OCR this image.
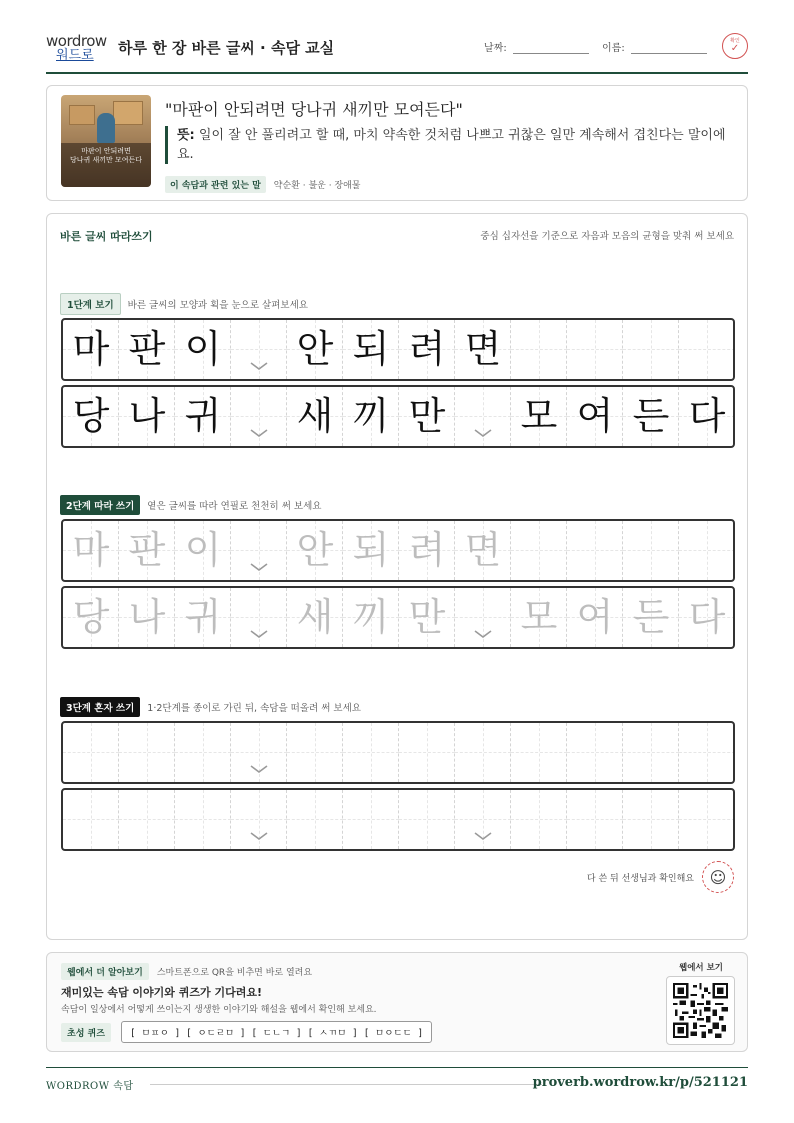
wordrow
워드로	하루 한 장 바른 글씨 · 속담 교실	날짜:	이름:
확인
✓
마판이 안되려면
당나귀 새끼만 모여든다
"마판이 안되려면 당나귀 새끼만 모여든다"
뜻: 일이 잘 안 풀리려고 할 때, 마치 약속한 것처럼 나쁘고 귀찮은 일만 계속해서 겹친다는 말이에요.
이 속담과 관련 있는 말	약순환 · 불운 · 장애물
바른 글씨 따라쓰기	중심 십자선을 기준으로 자음과 모음의 균형을 맞춰 써 보세요
1단계 보기	바른 글씨의 모양과 획을 눈으로 살펴보세요
마 판 이 안 되 려 면
당 나 귀 새 끼 만 모 여 든 다
2단계 따라 쓰기	옅은 글씨를 따라 연필로 천천히 써 보세요
마 판 이 안 되 려 면
당 나 귀 새 끼 만 모 여 든 다
3단계 혼자 쓰기	1·2단계를 종이로 가린 뒤, 속담을 떠올려 써 보세요
다 쓴 뒤 선생님과 확인해요 ☺
웹에서 더 알아보기	스마트폰으로 QR을 비추면 바로 열려요
재미있는 속담 이야기와 퀴즈가 기다려요!
속담이 일상에서 어떻게 쓰이는지 생생한 이야기와 해설을 웹에서 확인해 보세요.
초성 퀴즈	[ ㅁㅍㅇ ] [ ㅇㄷㄹㅁ ] [ ㄷㄴㄱ ] [ ㅅㄲㅁ ] [ ㅁㅇㄷㄷ ]
웹에서 보기
WORDROW 속담	proverb.wordrow.kr/p/521121
